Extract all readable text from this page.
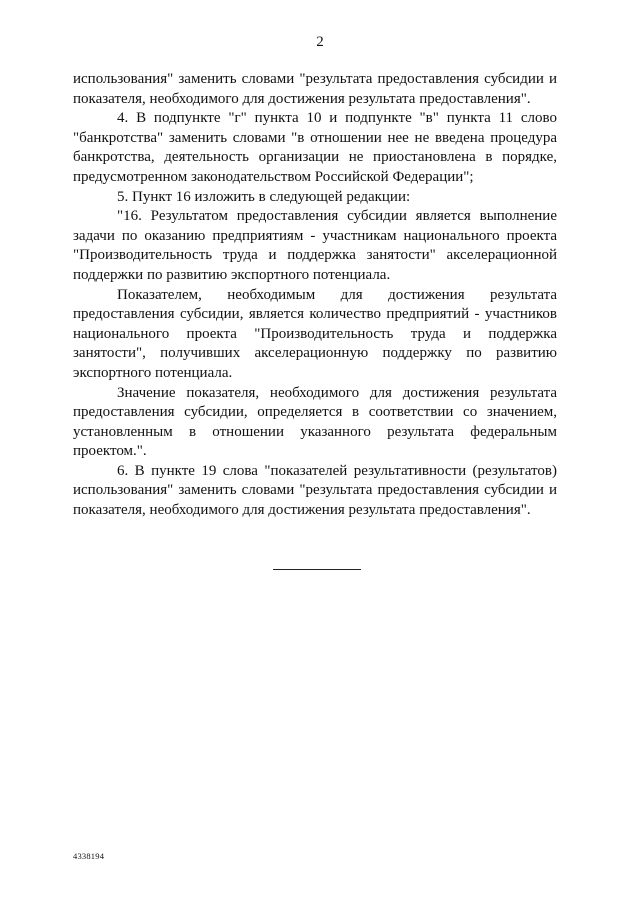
2

использования" заменить словами "результата предоставления субсидии и показателя, необходимого для достижения результата предоставления".

4. В подпункте "г" пункта 10 и подпункте "в" пункта 11 слово "банкротства" заменить словами "в отношении нее не введена процедура банкротства, деятельность организации не приостановлена в порядке, предусмотренном законодательством Российской Федерации";

5. Пункт 16 изложить в следующей редакции:

"16. Результатом предоставления субсидии является выполнение задачи по оказанию предприятиям - участникам национального проекта "Производительность труда и поддержка занятости" акселерационной поддержки по развитию экспортного потенциала.

Показателем, необходимым для достижения результата предоставления субсидии, является количество предприятий - участников национального проекта "Производительность труда и поддержка занятости", получивших акселерационную поддержку по развитию экспортного потенциала.

Значение показателя, необходимого для достижения результата предоставления субсидии, определяется в соответствии со значением, установленным в отношении указанного результата федеральным проектом.".

6. В пункте 19 слова "показателей результативности (результатов) использования" заменить словами "результата предоставления субсидии и показателя, необходимого для достижения результата предоставления".

4338194
